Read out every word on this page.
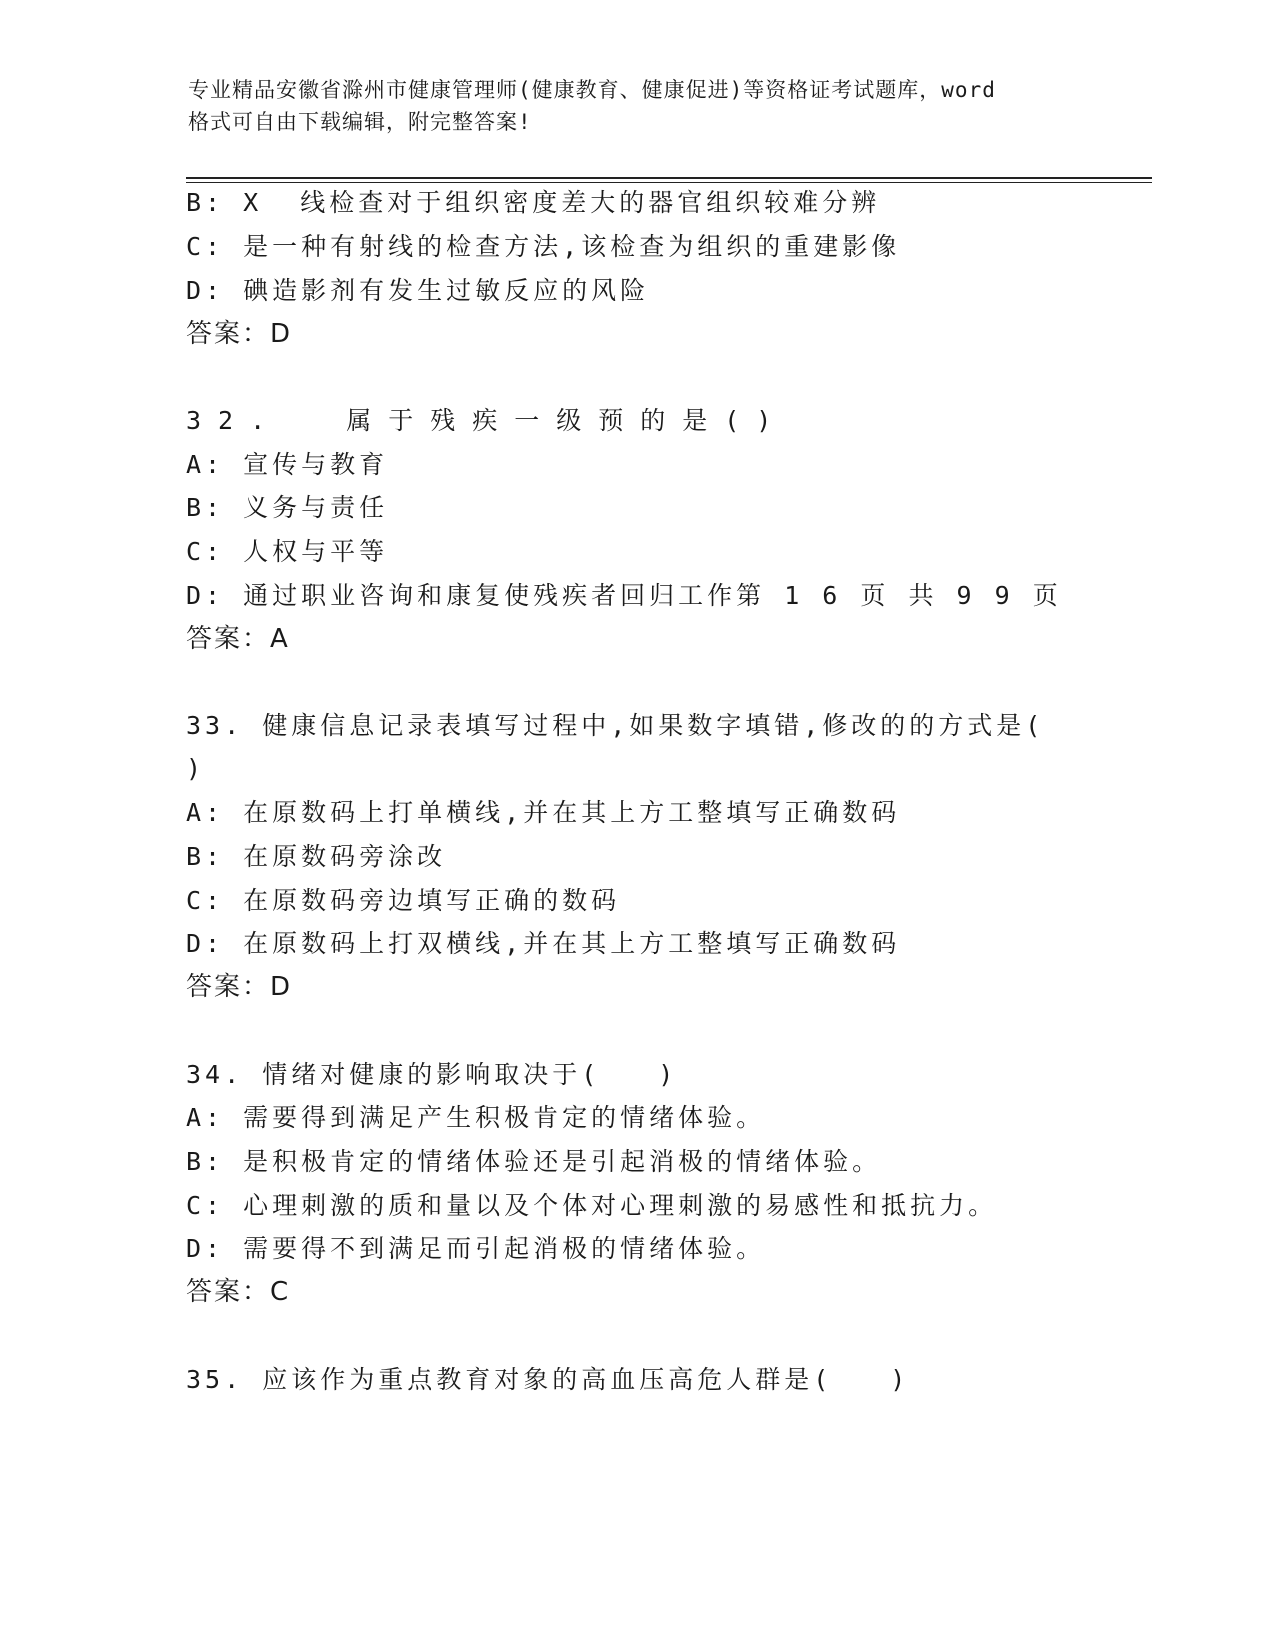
专业精品安徽省滁州市健康管理师(健康教育、健康促进)等资格证考试题库，word
格式可自由下载编辑，附完整答案!
B: X  线检查对于组织密度差大的器官组织较难分辨
C: 是一种有射线的检查方法,该检查为组织的重建影像
D: 碘造影剂有发生过敏反应的风险
答案：D
32.  属于残疾一级预的是()
A: 宣传与教育
B: 义务与责任
C: 人权与平等
D: 通过职业咨询和康复使残疾者回归工作第 1 6 页 共 9 9 页
答案：A
33. 健康信息记录表填写过程中,如果数字填错,修改的的方式是(
)
A: 在原数码上打单横线,并在其上方工整填写正确数码
B: 在原数码旁涂改
C: 在原数码旁边填写正确的数码
D: 在原数码上打双横线,并在其上方工整填写正确数码
答案：D
34. 情绪对健康的影响取决于(　　)
A: 需要得到满足产生积极肯定的情绪体验。
B: 是积极肯定的情绪体验还是引起消极的情绪体验。
C: 心理刺激的质和量以及个体对心理刺激的易感性和抵抗力。
D: 需要得不到满足而引起消极的情绪体验。
答案：C
35. 应该作为重点教育对象的高血压高危人群是(　　)
